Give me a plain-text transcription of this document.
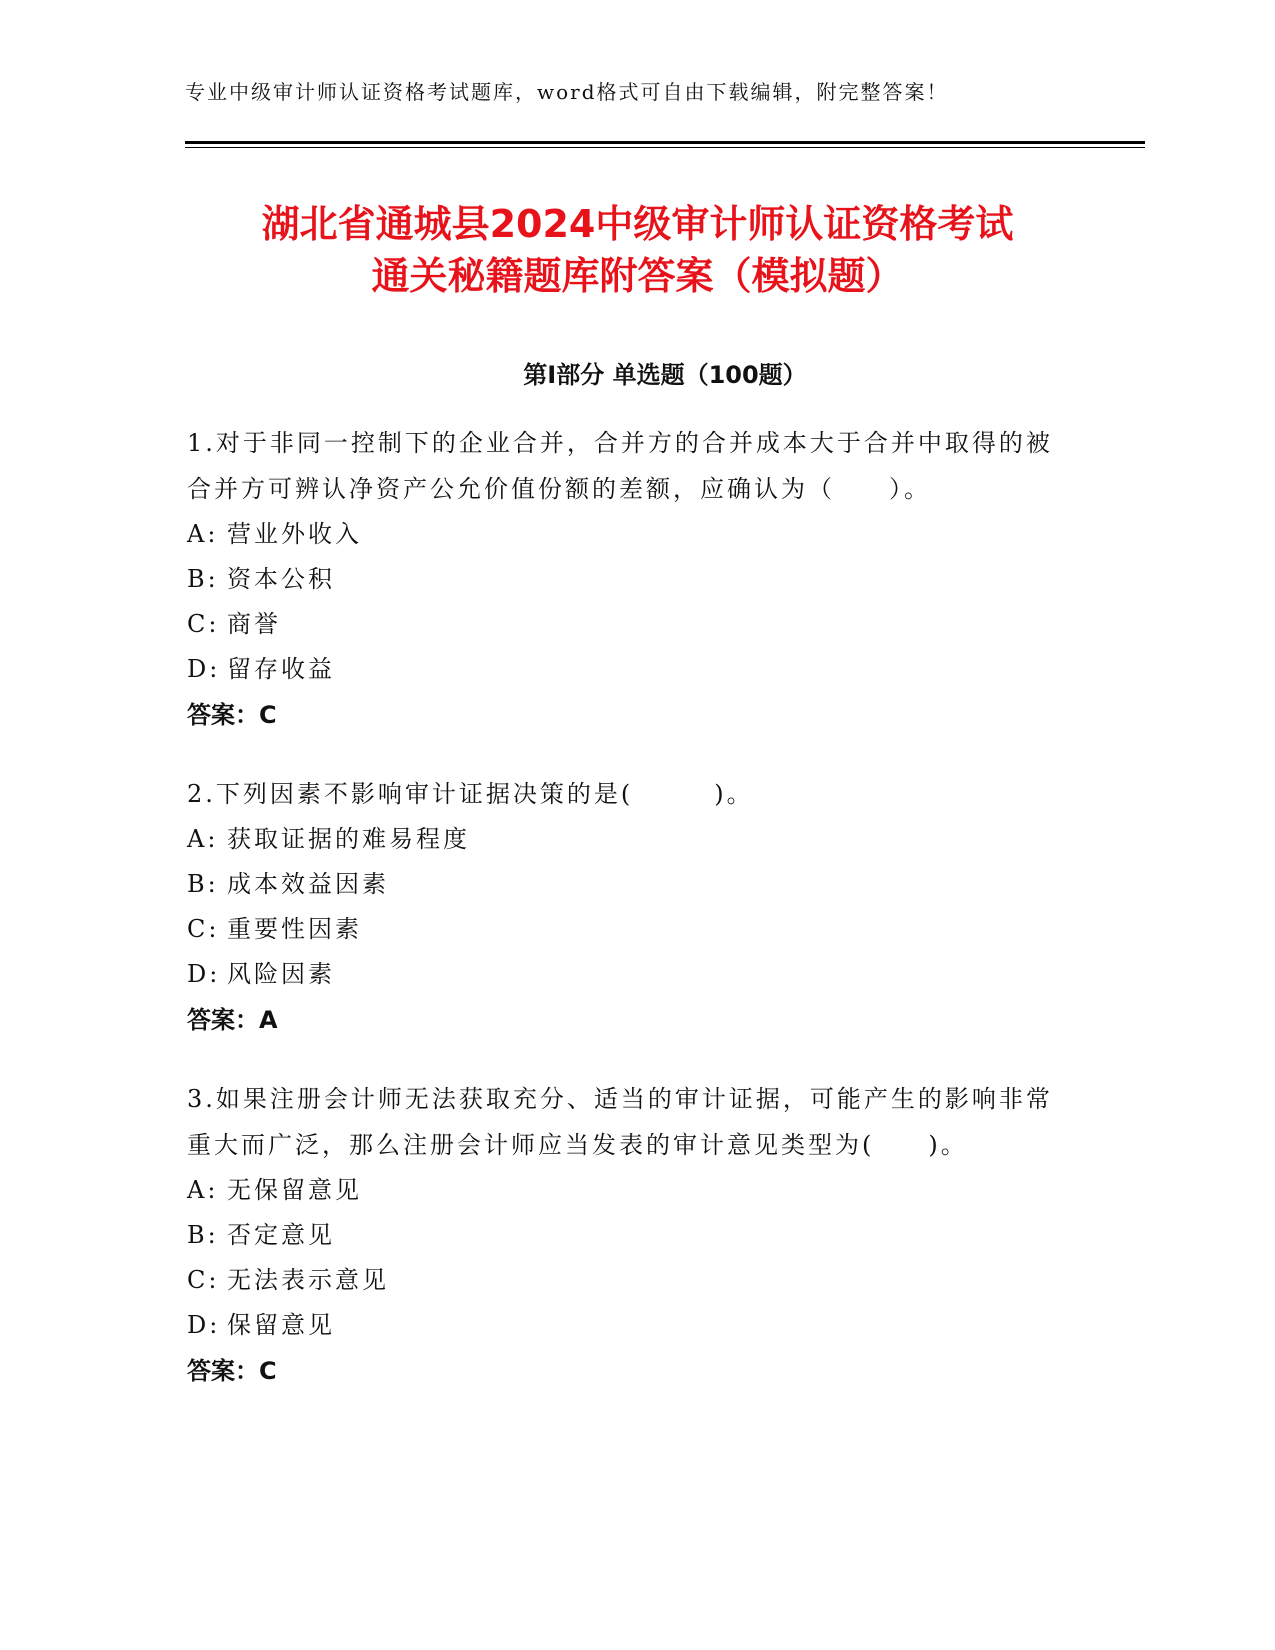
专业中级审计师认证资格考试题库，word格式可自由下载编辑，附完整答案！
湖北省通城县2024中级审计师认证资格考试
通关秘籍题库附答案（模拟题）
第Ⅰ部分 单选题（100题）

1.对于非同一控制下的企业合并，合并方的合并成本大于合并中取得的被合并方可辨认净资产公允价值份额的差额，应确认为（　　）。

A: 营业外收入

B: 资本公积

C: 商誉

D: 留存收益

答案：C

2.下列因素不影响审计证据决策的是(　　　)。

A: 获取证据的难易程度

B: 成本效益因素

C: 重要性因素

D: 风险因素

答案：A

3.如果注册会计师无法获取充分、适当的审计证据，可能产生的影响非常重大而广泛，那么注册会计师应当发表的审计意见类型为(　　)。

A: 无保留意见

B: 否定意见

C: 无法表示意见

D: 保留意见

答案：C
